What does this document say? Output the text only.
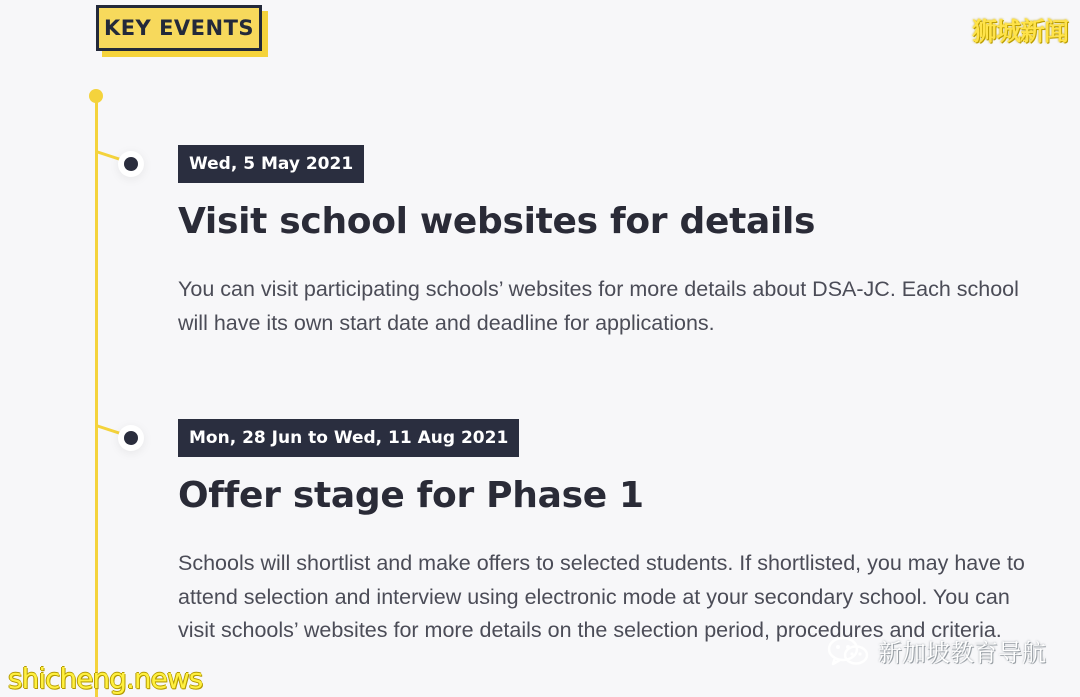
KEY EVENTS	狮城新闻
Wed, 5 May 2021
Visit school websites for details
You can visit participating schools’ websites for more details about DSA-JC. Each school will have its own start date and deadline for applications.
Mon, 28 Jun to Wed, 11 Aug 2021
Offer stage for Phase 1
Schools will shortlist and make offers to selected students. If shortlisted, you may have to attend selection and interview using electronic mode at your secondary school. You can visit schools’ websites for more details on the selection period, procedures and criteria.
shicheng.news
新加坡教育导航
